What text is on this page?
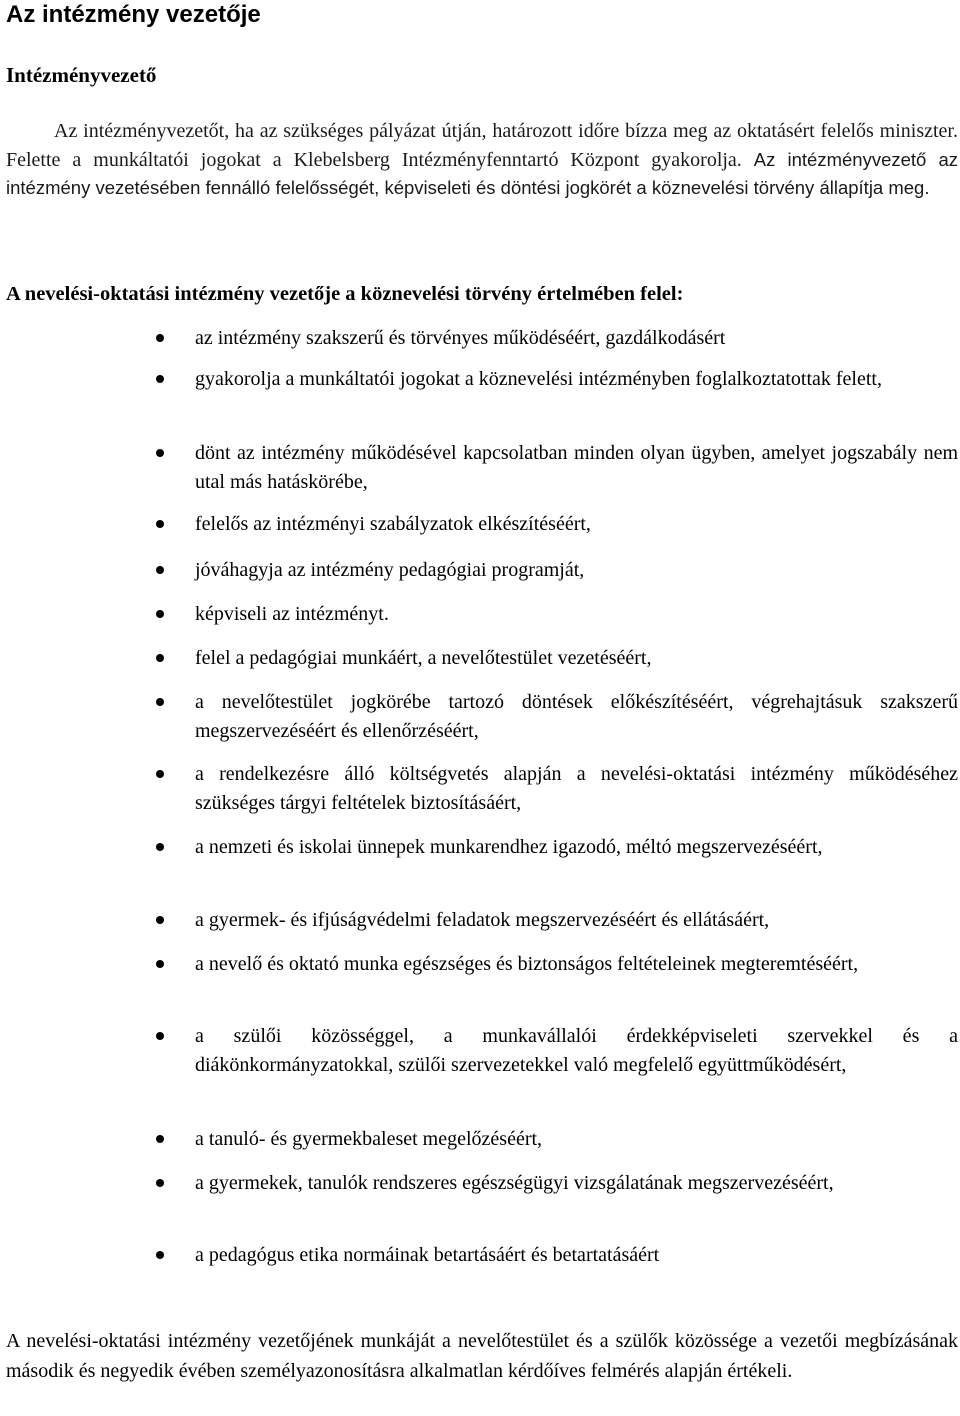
Az intézmény vezetője
Intézményvezető

Az intézményvezetőt, ha az szükséges pályázat útján, határozott időre bízza meg az oktatásért felelős miniszter. Felette a munkáltatói jogokat a Klebelsberg Intézményfenntartó Központ gyakorolja. Az intézményvezető az intézmény vezetésében fennálló felelősségét, képviseleti és döntési jogkörét a köznevelési törvény állapítja meg.

A nevelési-oktatási intézmény vezetője a köznevelési törvény értelmében felel:

az intézmény szakszerű és törvényes működéséért, gazdálkodásért

gyakorolja a munkáltatói jogokat a köznevelési intézményben foglalkoztatottak felett,

dönt az intézmény működésével kapcsolatban minden olyan ügyben, amelyet jogszabály nem utal más hatáskörébe,

felelős az intézményi szabályzatok elkészítéséért,

jóváhagyja az intézmény pedagógiai programját,

képviseli az intézményt.

felel a pedagógiai munkáért, a nevelőtestület vezetéséért,

a nevelőtestület jogkörébe tartozó döntések előkészítéséért, végrehajtásuk szakszerű megszervezéséért és ellenőrzéséért,

a rendelkezésre álló költségvetés alapján a nevelési-oktatási intézmény működéséhez szükséges tárgyi feltételek biztosításáért,

a nemzeti és iskolai ünnepek munkarendhez igazodó, méltó megszervezéséért,

a gyermek- és ifjúságvédelmi feladatok megszervezéséért és ellátásáért,

a nevelő és oktató munka egészséges és biztonságos feltételeinek megteremtéséért,

a szülői közösséggel, a munkavállalói érdekképviseleti szervekkel és a diákönkormányzatokkal, szülői szervezetekkel való megfelelő együttműködésért,

a tanuló- és gyermekbaleset megelőzéséért,

a gyermekek, tanulók rendszeres egészségügyi vizsgálatának megszervezéséért,

a pedagógus etika normáinak betartásáért és betartatásáért

A nevelési-oktatási intézmény vezetőjének munkáját a nevelőtestület és a szülők közössége a vezetői megbízásának második és negyedik évében személyazonosításra alkalmatlan kérdőíves felmérés alapján értékeli.
